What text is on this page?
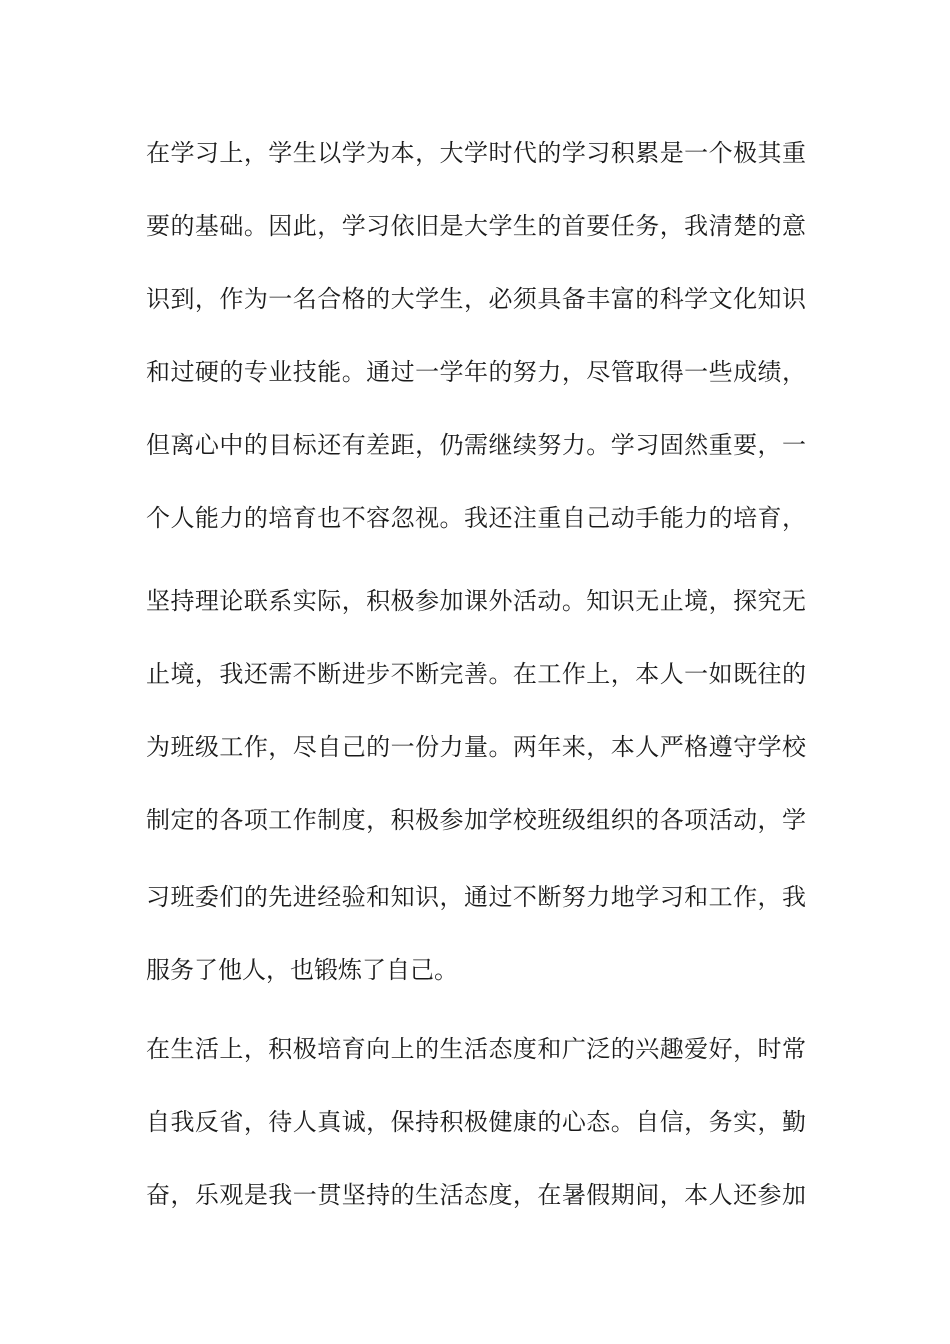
在学习上，学生以学为本，大学时代的学习积累是一个极其重
要的基础。因此，学习依旧是大学生的首要任务，我清楚的意
识到，作为一名合格的大学生，必须具备丰富的科学文化知识
和过硬的专业技能。通过一学年的努力，尽管取得一些成绩，
但离心中的目标还有差距，仍需继续努力。学习固然重要，一
个人能力的培育也不容忽视。我还注重自己动手能力的培育，
坚持理论联系实际，积极参加课外活动。知识无止境，探究无
止境，我还需不断进步不断完善。在工作上，本人一如既往的
为班级工作，尽自己的一份力量。两年来，本人严格遵守学校
制定的各项工作制度，积极参加学校班级组织的各项活动，学
习班委们的先进经验和知识，通过不断努力地学习和工作，我
服务了他人，也锻炼了自己。
在生活上，积极培育向上的生活态度和广泛的兴趣爱好，时常
自我反省，待人真诚，保持积极健康的心态。自信，务实，勤
奋，乐观是我一贯坚持的生活态度，在暑假期间，本人还参加
